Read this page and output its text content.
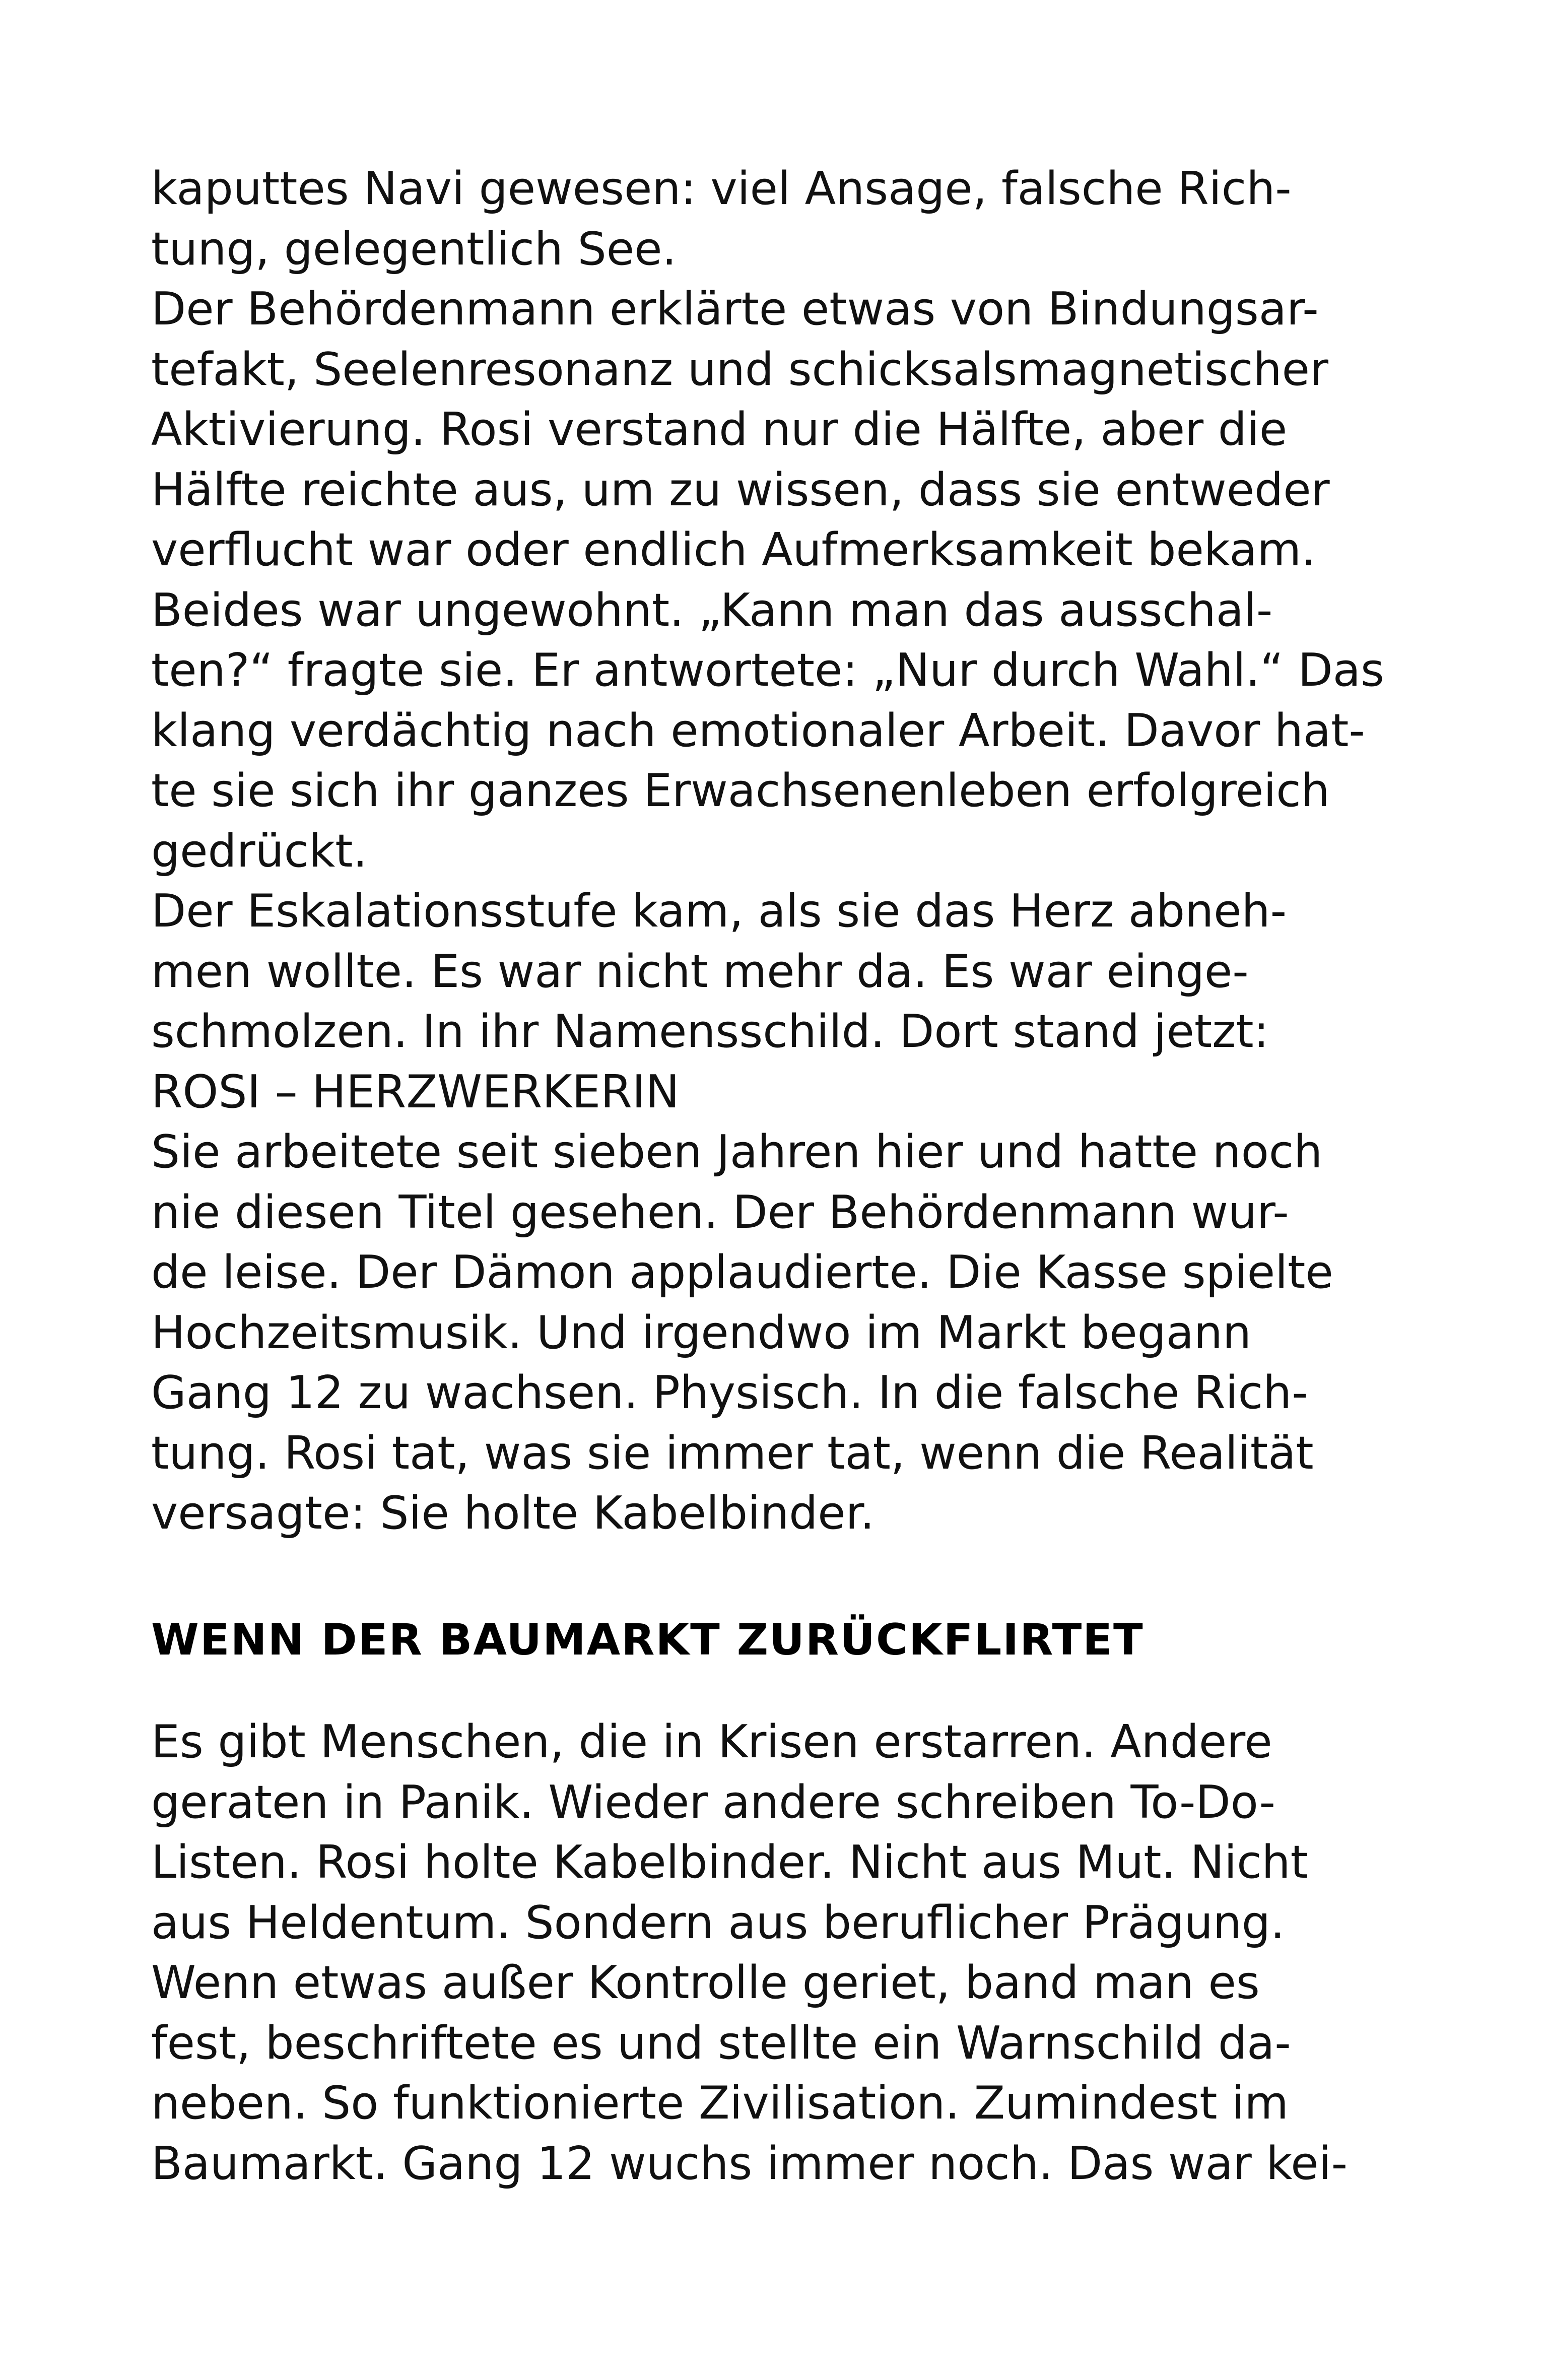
kaputtes Navi gewesen: viel Ansage, falsche Rich-
tung, gelegentlich See.
Der Behördenmann erklärte etwas von Bindungsar-
tefakt, Seelenresonanz und schicksalsmagnetischer
Aktivierung. Rosi verstand nur die Hälfte, aber die
Hälfte reichte aus, um zu wissen, dass sie entweder
verflucht war oder endlich Aufmerksamkeit bekam.
Beides war ungewohnt. „Kann man das ausschal-
ten?“ fragte sie. Er antwortete: „Nur durch Wahl.“ Das
klang verdächtig nach emotionaler Arbeit. Davor hat-
te sie sich ihr ganzes Erwachsenenleben erfolgreich
gedrückt.
Der Eskalationsstufe kam, als sie das Herz abneh-
men wollte. Es war nicht mehr da. Es war einge-
schmolzen. In ihr Namensschild. Dort stand jetzt:
ROSI – HERZWERKERIN
Sie arbeitete seit sieben Jahren hier und hatte noch
nie diesen Titel gesehen. Der Behördenmann wur-
de leise. Der Dämon applaudierte. Die Kasse spielte
Hochzeitsmusik. Und irgendwo im Markt begann
Gang 12 zu wachsen. Physisch. In die falsche Rich-
tung. Rosi tat, was sie immer tat, wenn die Realität
versagte: Sie holte Kabelbinder.
WENN DER BAUMARKT ZURÜCKFLIRTET
Es gibt Menschen, die in Krisen erstarren. Andere
geraten in Panik. Wieder andere schreiben To-Do-
Listen. Rosi holte Kabelbinder. Nicht aus Mut. Nicht
aus Heldentum. Sondern aus beruflicher Prägung.
Wenn etwas außer Kontrolle geriet, band man es
fest, beschriftete es und stellte ein Warnschild da-
neben. So funktionierte Zivilisation. Zumindest im
Baumarkt. Gang 12 wuchs immer noch. Das war kei-
